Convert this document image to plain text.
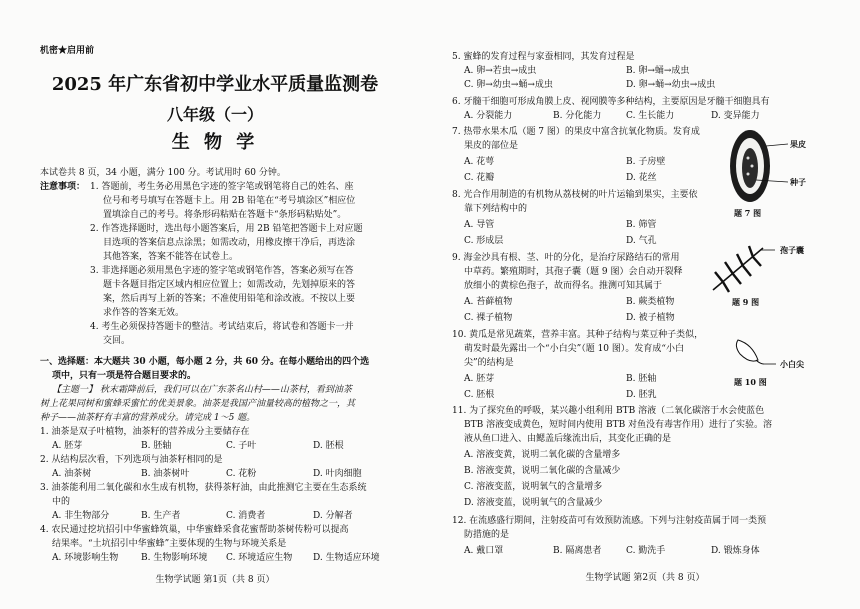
机密★启用前
2025 年广东省初中学业水平质量监测卷
八年级（一）
生 物 学
本试卷共 8 页，34 小题，满分 100 分。考试用时 60 分钟。
注意事项： 1. 答题前，考生务必用黑色字迹的签字笔或钢笔将自己的姓名、座
位号和考号填写在答题卡上。用 2B 铅笔在“考号填涂区”相应位
置填涂自己的考号。将条形码粘贴在答题卡“条形码粘贴处”。
2. 作答选择题时，选出每小题答案后，用 2B 铅笔把答题卡上对应题
目选项的答案信息点涂黑；如需改动，用橡皮擦干净后，再选涂
其他答案，答案不能答在试卷上。
3. 非选择题必须用黑色字迹的签字笔或钢笔作答，答案必须写在答
题卡各题目指定区域内相应位置上；如需改动，先划掉原来的答
案，然后再写上新的答案；不准使用铅笔和涂改液。不按以上要
求作答的答案无效。
4. 考生必须保持答题卡的整洁。考试结束后，将试卷和答题卡一并
交回。
一、选择题：本大题共 30 小题，每小题 2 分，共 60 分。在每小题给出的四个选
项中，只有一项是符合题目要求的。
【主题一】 秋末霜降前后，我们可以在广东茶名山村——山茶村，看到油茶
树上花果同树和蜜蜂采蜜忙的优美景象。油茶是我国产油量较高的植物之一，其
种子——油茶籽有丰富的营养成分。请完成 1～5 题。
1. 油茶是双子叶植物，油茶籽的营养成分主要储存在
A. 胚芽	B. 胚轴	C. 子叶	D. 胚根
2. 从结构层次看，下列选项与油茶籽相同的是
A. 油茶树	B. 油茶树叶	C. 花粉	D. 叶肉细胞
3. 油茶能利用二氧化碳和水生成有机物，获得茶籽油，由此推测它主要在生态系统
中的
A. 非生物部分	B. 生产者	C. 消费者	D. 分解者
4. 农民通过挖坑招引中华蜜蜂筑巢，中华蜜蜂采食花蜜帮助茶树传粉可以提高
结果率。“土坑招引中华蜜蜂”主要体现的生物与环境关系是
A. 环境影响生物	B. 生物影响环境 C. 环境适应生物 D. 生物适应环境
生物学试题 第1页（共 8 页）
5. 蜜蜂的发育过程与家蚕相同，其发育过程是
A. 卵→若虫→成虫	B. 卵→蛹→成虫
C. 卵→幼虫→蛹→成虫	D. 卵→蛹→幼虫→成虫
6. 牙髓干细胞可形成角膜上皮、视网膜等多种结构，主要原因是牙髓干细胞具有
A. 分裂能力	B. 分化能力	C. 生长能力	D. 变异能力
7. 热带水果木瓜（题 7 图）的果皮中富含抗氧化物质。发育成
果皮的部位是
A. 花萼	B. 子房壁
C. 花瓣	D. 花丝
果皮
种子
题 7 图
8. 光合作用制造的有机物从荔枝树的叶片运输到果实，主要依
靠下列结构中的
A. 导管	B. 筛管
C. 形成层	D. 气孔
孢子囊
题 9 图
9. 海金沙具有根、茎、叶的分化，是治疗尿路结石的常用
中草药。繁殖期时，其孢子囊（题 9 图）会自动开裂释
放细小的黄棕色孢子，故而得名。推测可知其属于
A. 苔藓植物	B. 蕨类植物
C. 裸子植物	D. 被子植物
10. 黄瓜是常见蔬菜，营养丰富。其种子结构与菜豆种子类似，
萌发时最先露出一个“小白尖”（题 10 图）。发育成“小白
尖”的结构是
A. 胚芽	B. 胚轴
C. 胚根	D. 胚乳
小白尖
题 10 图
11. 为了探究鱼的呼吸，某兴趣小组利用 BTB 溶液（二氧化碳溶于水会使蓝色
BTB 溶液变成黄色，短时间内使用 BTB 对鱼没有毒害作用）进行了实验。溶
液从鱼口进入、由鳃盖后缘流出后，其变化正确的是
A. 溶液变黄，说明二氧化碳的含量增多
B. 溶液变黄，说明二氧化碳的含量减少
C. 溶液变蓝，说明氧气的含量增多
D. 溶液变蓝，说明氧气的含量减少
12. 在流感盛行期间，注射疫苗可有效预防流感。下列与注射疫苗属于同一类预
防措施的是
A. 戴口罩	B. 隔离患者	C. 勤洗手	D. 锻炼身体
生物学试题 第2页（共 8 页）
